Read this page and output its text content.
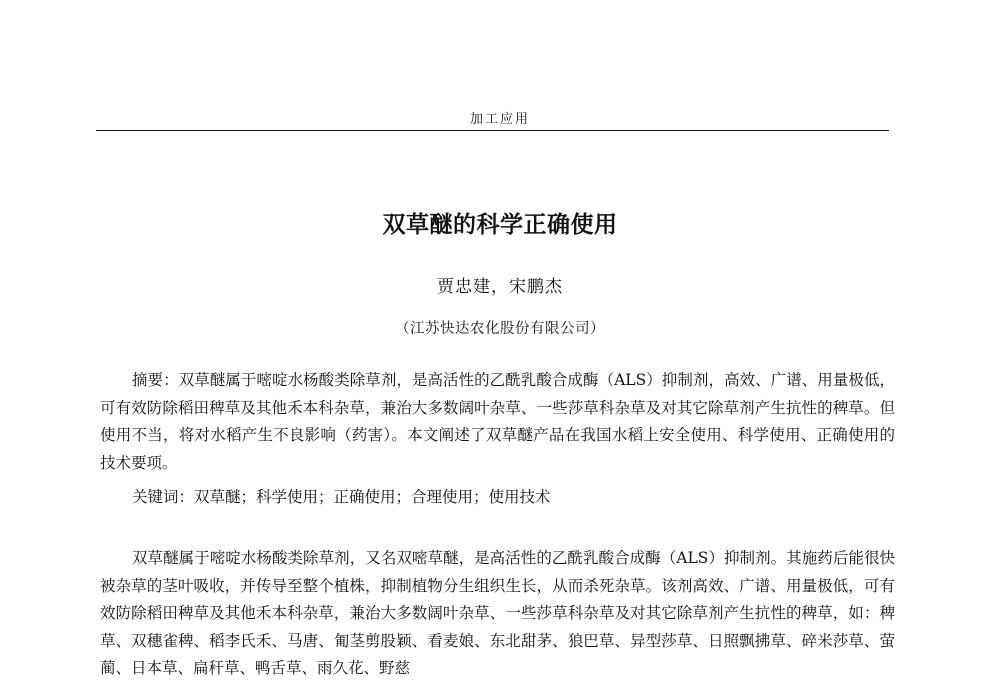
加工应用
双草醚的科学正确使用
贾忠建，宋鹏杰
（江苏快达农化股份有限公司）

摘要：双草醚属于嘧啶水杨酸类除草剂，是高活性的乙酰乳酸合成酶（ALS）抑制剂，高效、广谱、用量极低，可有效防除稻田稗草及其他禾本科杂草，兼治大多数阔叶杂草、一些莎草科杂草及对其它除草剂产生抗性的稗草。但使用不当，将对水稻产生不良影响（药害）。本文阐述了双草醚产品在我国水稻上安全使用、科学使用、正确使用的技术要项。

关键词：双草醚；科学使用；正确使用；合理使用；使用技术

双草醚属于嘧啶水杨酸类除草剂，又名双嘧草醚，是高活性的乙酰乳酸合成酶（ALS）抑制剂。其施药后能很快被杂草的茎叶吸收，并传导至整个植株，抑制植物分生组织生长，从而杀死杂草。该剂高效、广谱、用量极低，可有效防除稻田稗草及其他禾本科杂草，兼治大多数阔叶杂草、一些莎草科杂草及对其它除草剂产生抗性的稗草，如：稗草、双穗雀稗、稻李氏禾、马唐、匍茎剪股颖、看麦娘、东北甜茅、狼巴草、异型莎草、日照飘拂草、碎米莎草、萤蔺、日本草、扁秆草、鸭舌草、雨久花、野慈
